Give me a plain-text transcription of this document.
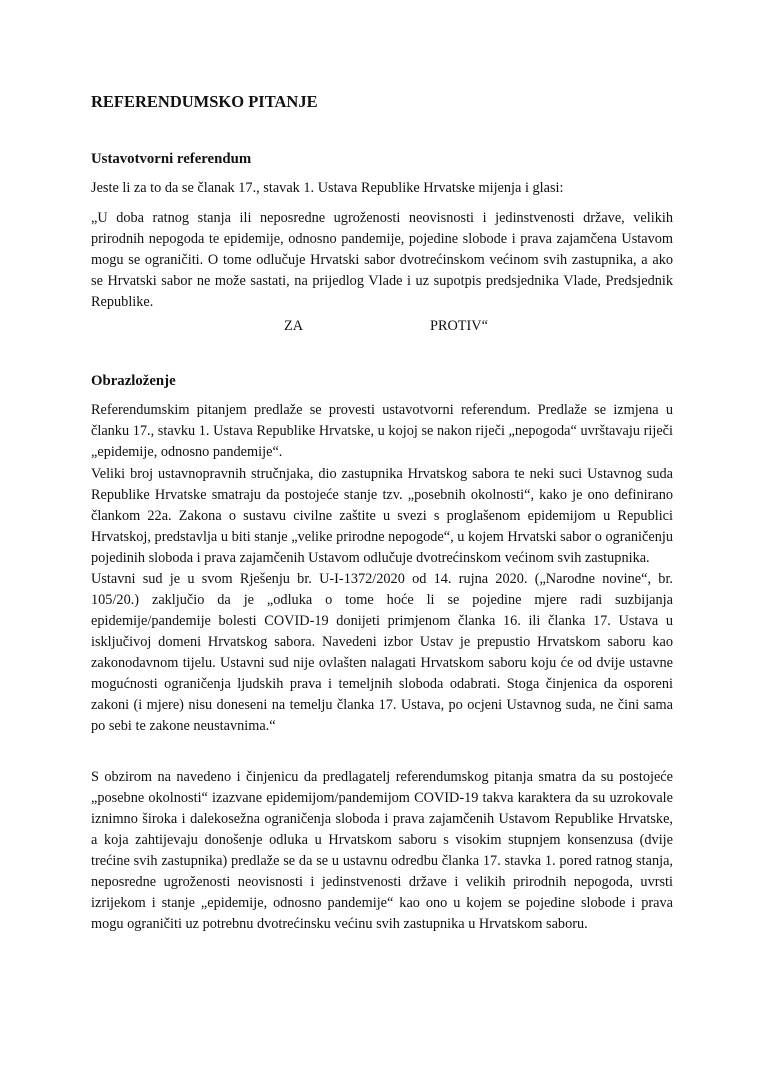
REFERENDUMSKO PITANJE
Ustavotvorni referendum

Jeste li za to da se članak 17., stavak 1. Ustava Republike Hrvatske mijenja i glasi:

„U doba ratnog stanja ili neposredne ugroženosti neovisnosti i jedinstvenosti države, velikih prirodnih nepogoda te epidemije, odnosno pandemije, pojedine slobode i prava zajamčena Ustavom mogu se ograničiti. O tome odlučuje Hrvatski sabor dvotrećinskom većinom svih zastupnika, a ako se Hrvatski sabor ne može sastati, na prijedlog Vlade i uz supotpis predsjednika Vlade, Predsjednik Republike.

ZA	PROTIV“
Obrazloženje

Referendumskim pitanjem predlaže se provesti ustavotvorni referendum. Predlaže se izmjena u članku 17., stavku 1. Ustava Republike Hrvatske, u kojoj se nakon riječi „nepogoda“ uvrštavaju riječi „epidemije, odnosno pandemije“.

Veliki broj ustavnopravnih stručnjaka, dio zastupnika Hrvatskog sabora te neki suci Ustavnog suda Republike Hrvatske smatraju da postojeće stanje tzv. „posebnih okolnosti“, kako je ono definirano člankom 22a. Zakona o sustavu civilne zaštite u svezi s proglašenom epidemijom u Republici Hrvatskoj, predstavlja u biti stanje „velike prirodne nepogode“, u kojem Hrvatski sabor o ograničenju pojedinih sloboda i prava zajamčenih Ustavom odlučuje dvotrećinskom većinom svih zastupnika.

Ustavni sud je u svom Rješenju br. U-I-1372/2020 od 14. rujna 2020. („Narodne novine“, br. 105/20.) zaključio da je „odluka o tome hoće li se pojedine mjere radi suzbijanja epidemije/pandemije bolesti COVID-19 donijeti primjenom članka 16. ili članka 17. Ustava u isključivoj domeni Hrvatskog sabora. Navedeni izbor Ustav je prepustio Hrvatskom saboru kao zakonodavnom tijelu. Ustavni sud nije ovlašten nalagati Hrvatskom saboru koju će od dvije ustavne mogućnosti ograničenja ljudskih prava i temeljnih sloboda odabrati. Stoga činjenica da osporeni zakoni (i mjere) nisu doneseni na temelju članka 17. Ustava, po ocjeni Ustavnog suda, ne čini sama po sebi te zakone neustavnima.“

S obzirom na navedeno i činjenicu da predlagatelj referendumskog pitanja smatra da su postojeće „posebne okolnosti“ izazvane epidemijom/pandemijom COVID-19 takva karaktera da su uzrokovale iznimno široka i dalekosežna ograničenja sloboda i prava zajamčenih Ustavom Republike Hrvatske, a koja zahtijevaju donošenje odluka u Hrvatskom saboru s visokim stupnjem konsenzusa (dvije trećine svih zastupnika) predlaže se da se u ustavnu odredbu članka 17. stavka 1. pored ratnog stanja, neposredne ugroženosti neovisnosti i jedinstvenosti države i velikih prirodnih nepogoda, uvrsti izrijekom i stanje „epidemije, odnosno pandemije“ kao ono u kojem se pojedine slobode i prava mogu ograničiti uz potrebnu dvotrećinsku većinu svih zastupnika u Hrvatskom saboru.
